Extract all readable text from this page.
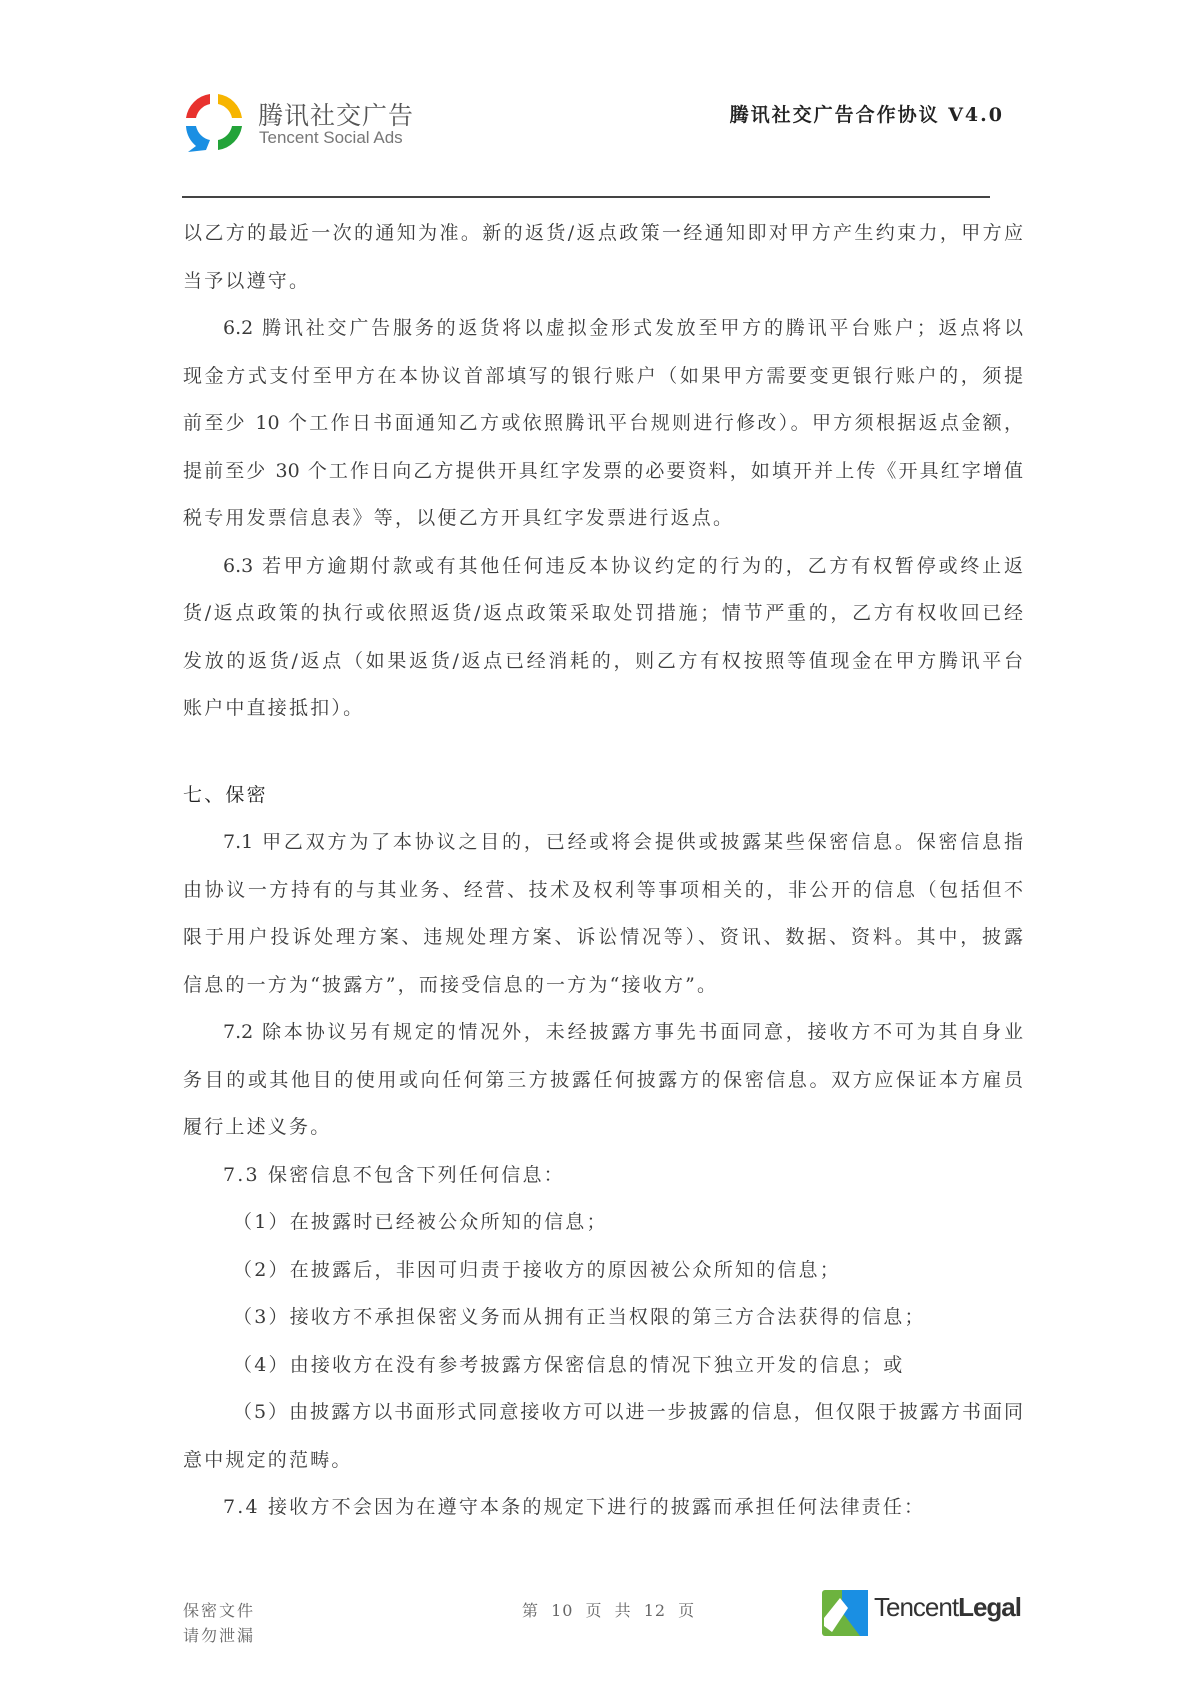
腾讯社交广告
Tencent Social Ads
腾讯社交广告合作协议 V4.0
以乙方的最近一次的通知为准。新的返货/返点政策一经通知即对甲方产生约束力，甲方应
当予以遵守。
6.2 腾讯社交广告服务的返货将以虚拟金形式发放至甲方的腾讯平台账户；返点将以
现金方式支付至甲方在本协议首部填写的银行账户（如果甲方需要变更银行账户的，须提
前至少 10 个工作日书面通知乙方或依照腾讯平台规则进行修改）。甲方须根据返点金额，
提前至少 30 个工作日向乙方提供开具红字发票的必要资料，如填开并上传《开具红字增值
税专用发票信息表》等，以便乙方开具红字发票进行返点。
6.3 若甲方逾期付款或有其他任何违反本协议约定的行为的，乙方有权暂停或终止返
货/返点政策的执行或依照返货/返点政策采取处罚措施；情节严重的，乙方有权收回已经
发放的返货/返点（如果返货/返点已经消耗的，则乙方有权按照等值现金在甲方腾讯平台
账户中直接抵扣）。
七、保密
7.1 甲乙双方为了本协议之目的，已经或将会提供或披露某些保密信息。保密信息指
由协议一方持有的与其业务、经营、技术及权利等事项相关的，非公开的信息（包括但不
限于用户投诉处理方案、违规处理方案、诉讼情况等）、资讯、数据、资料。其中，披露
信息的一方为“披露方”，而接受信息的一方为“接收方”。
7.2 除本协议另有规定的情况外，未经披露方事先书面同意，接收方不可为其自身业
务目的或其他目的使用或向任何第三方披露任何披露方的保密信息。双方应保证本方雇员
履行上述义务。
7.3 保密信息不包含下列任何信息：
（1）在披露时已经被公众所知的信息；
（2）在披露后，非因可归责于接收方的原因被公众所知的信息；
（3）接收方不承担保密义务而从拥有正当权限的第三方合法获得的信息；
（4）由接收方在没有参考披露方保密信息的情况下独立开发的信息；或
（5）由披露方以书面形式同意接收方可以进一步披露的信息，但仅限于披露方书面同
意中规定的范畴。
7.4 接收方不会因为在遵守本条的规定下进行的披露而承担任何法律责任：
保密文件
请勿泄漏
第 10 页 共 12 页	TencentLegal
